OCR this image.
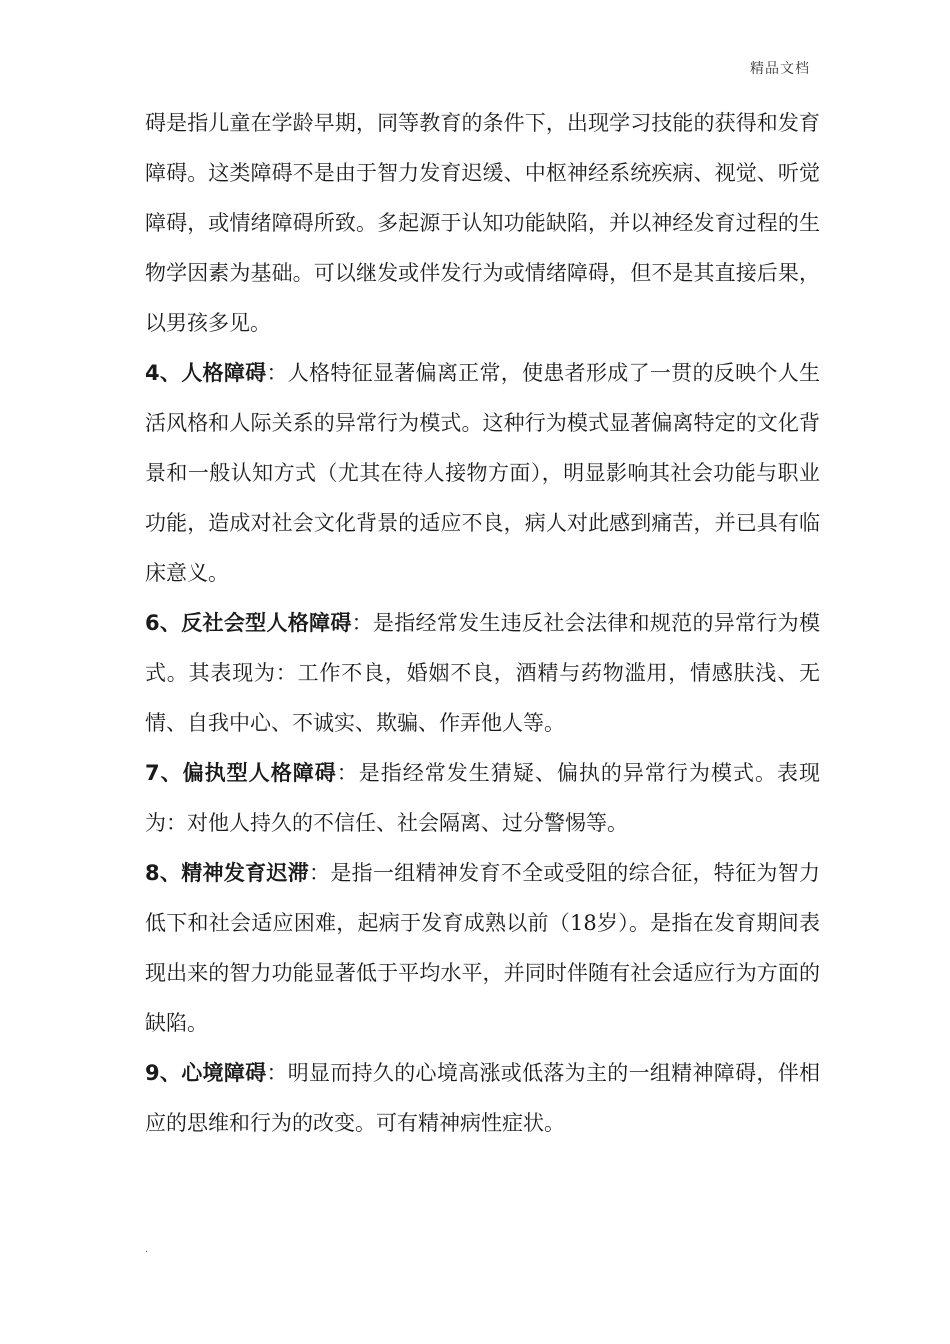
精品文档

碍是指儿童在学龄早期，同等教育的条件下，出现学习技能的获得和发育障碍。这类障碍不是由于智力发育迟缓、中枢神经系统疾病、视觉、听觉障碍，或情绪障碍所致。多起源于认知功能缺陷，并以神经发育过程的生物学因素为基础。可以继发或伴发行为或情绪障碍，但不是其直接后果，以男孩多见。

4、人格障碍：人格特征显著偏离正常，使患者形成了一贯的反映个人生活风格和人际关系的异常行为模式。这种行为模式显著偏离特定的文化背景和一般认知方式（尤其在待人接物方面），明显影响其社会功能与职业功能，造成对社会文化背景的适应不良，病人对此感到痛苦，并已具有临床意义。

6、反社会型人格障碍：是指经常发生违反社会法律和规范的异常行为模式。其表现为：工作不良，婚姻不良，酒精与药物滥用，情感肤浅、无情、自我中心、不诚实、欺骗、作弄他人等。

7、偏执型人格障碍：是指经常发生猜疑、偏执的异常行为模式。表现为：对他人持久的不信任、社会隔离、过分警惕等。

8、精神发育迟滞：是指一组精神发育不全或受阻的综合征，特征为智力低下和社会适应困难，起病于发育成熟以前（18岁）。是指在发育期间表现出来的智力功能显著低于平均水平，并同时伴随有社会适应行为方面的缺陷。

9、心境障碍：明显而持久的心境高涨或低落为主的一组精神障碍，伴相应的思维和行为的改变。可有精神病性症状。

.
